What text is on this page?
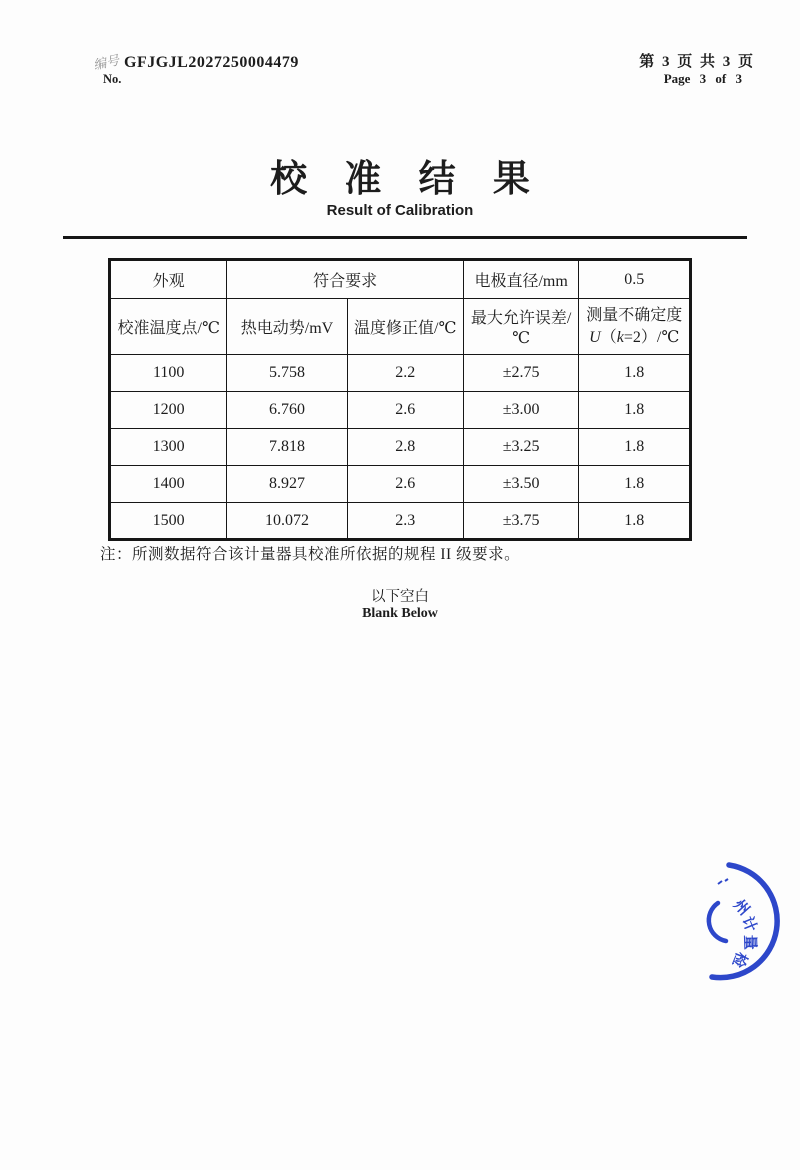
编号 GFJGJL2027250004479
No.
第 3 页 共 3 页
Page 3 of 3
校 准 结 果
Result of Calibration
外观	符合要求		电极直径/mm	0.5
校准温度点/℃	热电动势/mV	温度修正值/℃	最大允许误差/℃	测量不确定度
U（k=2）/℃

1100	5.758	2.2	±2.75	1.8
1200	6.760	2.6	±3.00	1.8
1300	7.818	2.8	±3.25	1.8
1400	8.927	2.6	±3.50	1.8
1500	10.072	2.3	±3.75	1.8
注：所测数据符合该计量器具校准所依据的规程 II 级要求。
以下空白
Blank Below
州
计
量
检
